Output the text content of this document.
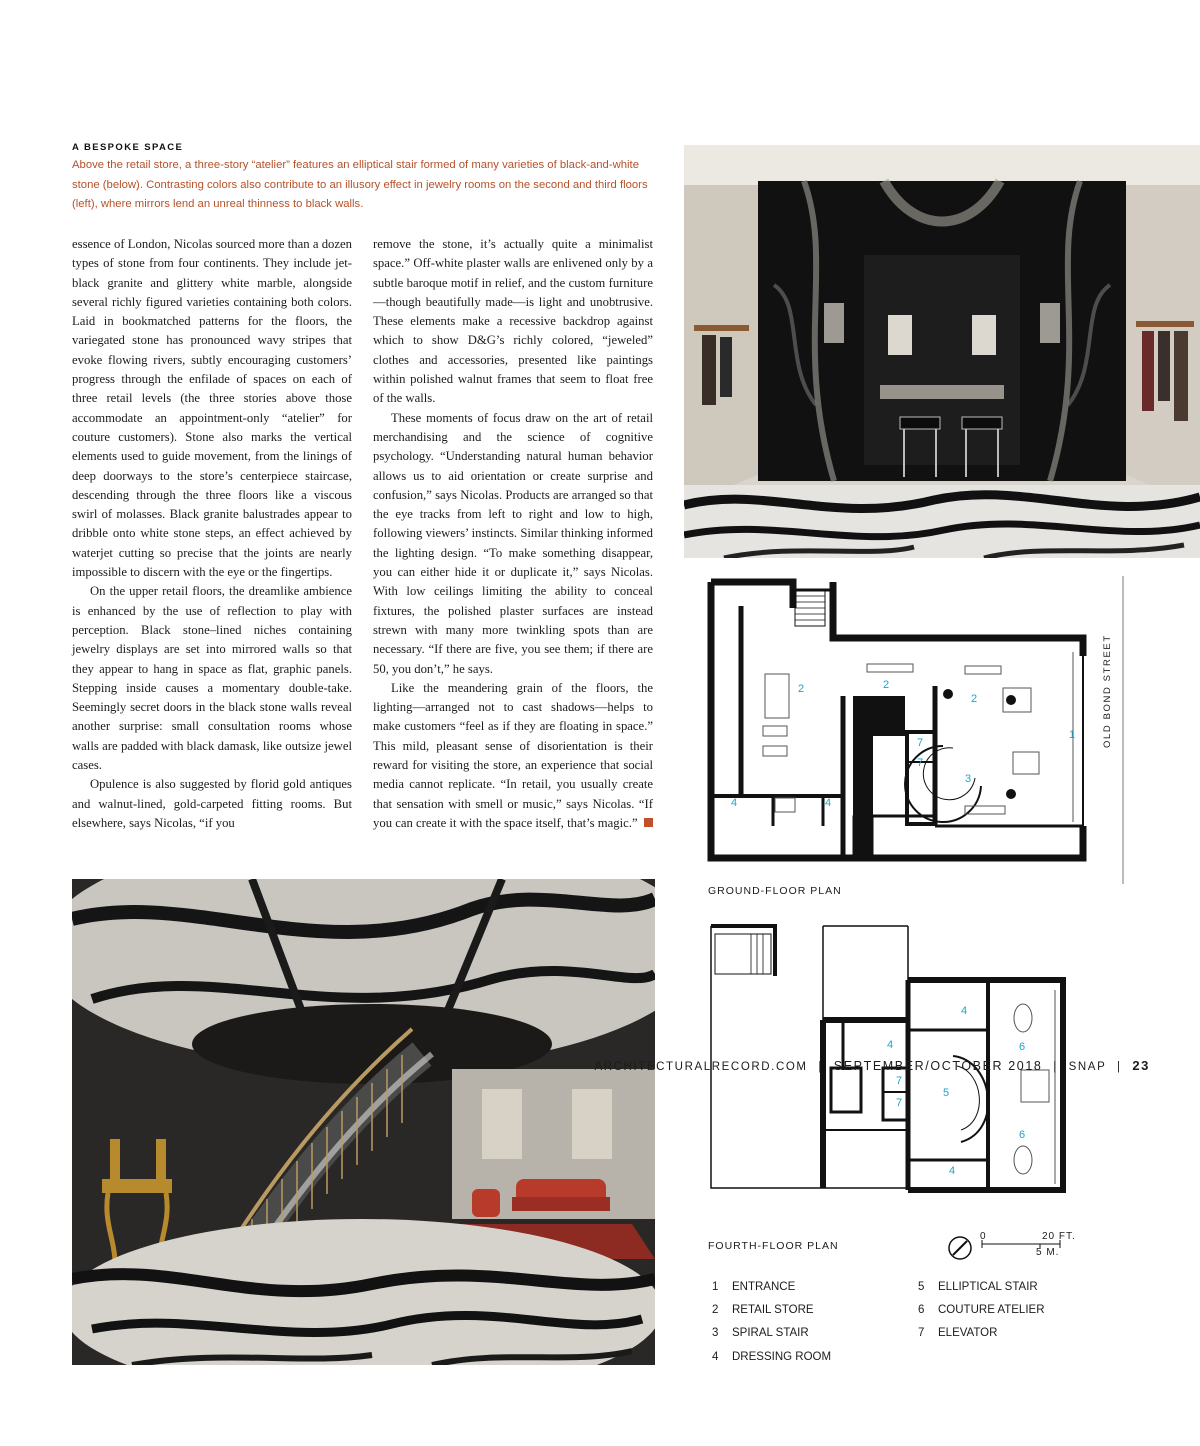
A BESPOKE SPACE
Above the retail store, a three-story “atelier” features an elliptical stair formed of many varieties of black-and-white stone (below). Contrasting colors also contribute to an illusory effect in jewelry rooms on the second and third floors (left), where mirrors lend an unreal thinness to black walls.

essence of London, Nicolas sourced more than a dozen types of stone from four continents. They include jet-black granite and glittery white marble, alongside several richly figured varieties containing both colors. Laid in bookmatched patterns for the floors, the variegated stone has pronounced wavy stripes that evoke flowing rivers, subtly encouraging customers’ progress through the enfilade of spaces on each of three retail levels (the three stories above those accommodate an appointment-only “atelier” for couture customers). Stone also marks the vertical elements used to guide movement, from the linings of deep doorways to the store’s centerpiece staircase, descending through the three floors like a viscous swirl of molasses. Black granite balustrades appear to dribble onto white stone steps, an effect achieved by waterjet cutting so precise that the joints are nearly impossible to discern with the eye or the fingertips.

On the upper retail floors, the dreamlike ambience is enhanced by the use of reflection to play with perception. Black stone–lined niches containing jewelry displays are set into mirrored walls so that they appear to hang in space as flat, graphic panels. Stepping inside causes a momentary double-take. Seemingly secret doors in the black stone walls reveal another surprise: small consultation rooms whose walls are padded with black damask, like outsize jewel cases.

Opulence is also suggested by florid gold antiques and walnut-lined, gold-carpeted fitting rooms. But elsewhere, says Nicolas, “if you

remove the stone, it’s actually quite a minimalist space.” Off-white plaster walls are enlivened only by a subtle baroque motif in relief, and the custom furniture—though beautifully made—is light and unobtrusive. These elements make a recessive backdrop against which to show D&G’s richly colored, “jeweled” clothes and accessories, presented like paintings within polished walnut frames that seem to float free of the walls.

These moments of focus draw on the art of retail merchandising and the science of cognitive psychology. “Understanding natural human behavior allows us to aid orientation or create surprise and confusion,” says Nicolas. Products are arranged so that the eye tracks from left to right and low to high, following viewers’ instincts. Similar thinking informed the lighting design. “To make something disappear, you can either hide it or duplicate it,” says Nicolas. With low ceilings limiting the ability to conceal fixtures, the polished plaster surfaces are instead strewn with many more twinkling spots than are necessary. “If there are five, you see them; if there are 50, you don’t,” he says.

Like the meandering grain of the floors, the lighting—arranged not to cast shadows—helps to make customers “feel as if they are floating in space.” This mild, pleasant sense of disorientation is their reward for visiting the store, an experience that social media cannot replicate. “In retail, you usually create that sensation with smell or music,” says Nicolas. “If you can create it with the space itself, that’s magic.”

1
2	2
2
3
4	4
7
7
GROUND-FLOOR PLAN
OLD BOND STREET
4
4
4
5
6
6
7
7
FOURTH-FLOOR PLAN
0	20 FT.
5 M.
1 ENTRANCE
2 RETAIL STORE
3 SPIRAL STAIR
4 DRESSING ROOM
5 ELLIPTICAL STAIR
6 COUTURE ATELIER
7 ELEVATOR
ARCHITECTURALRECORD.COM | SEPTEMBER/OCTOBER 2018 | SNAP | 23
